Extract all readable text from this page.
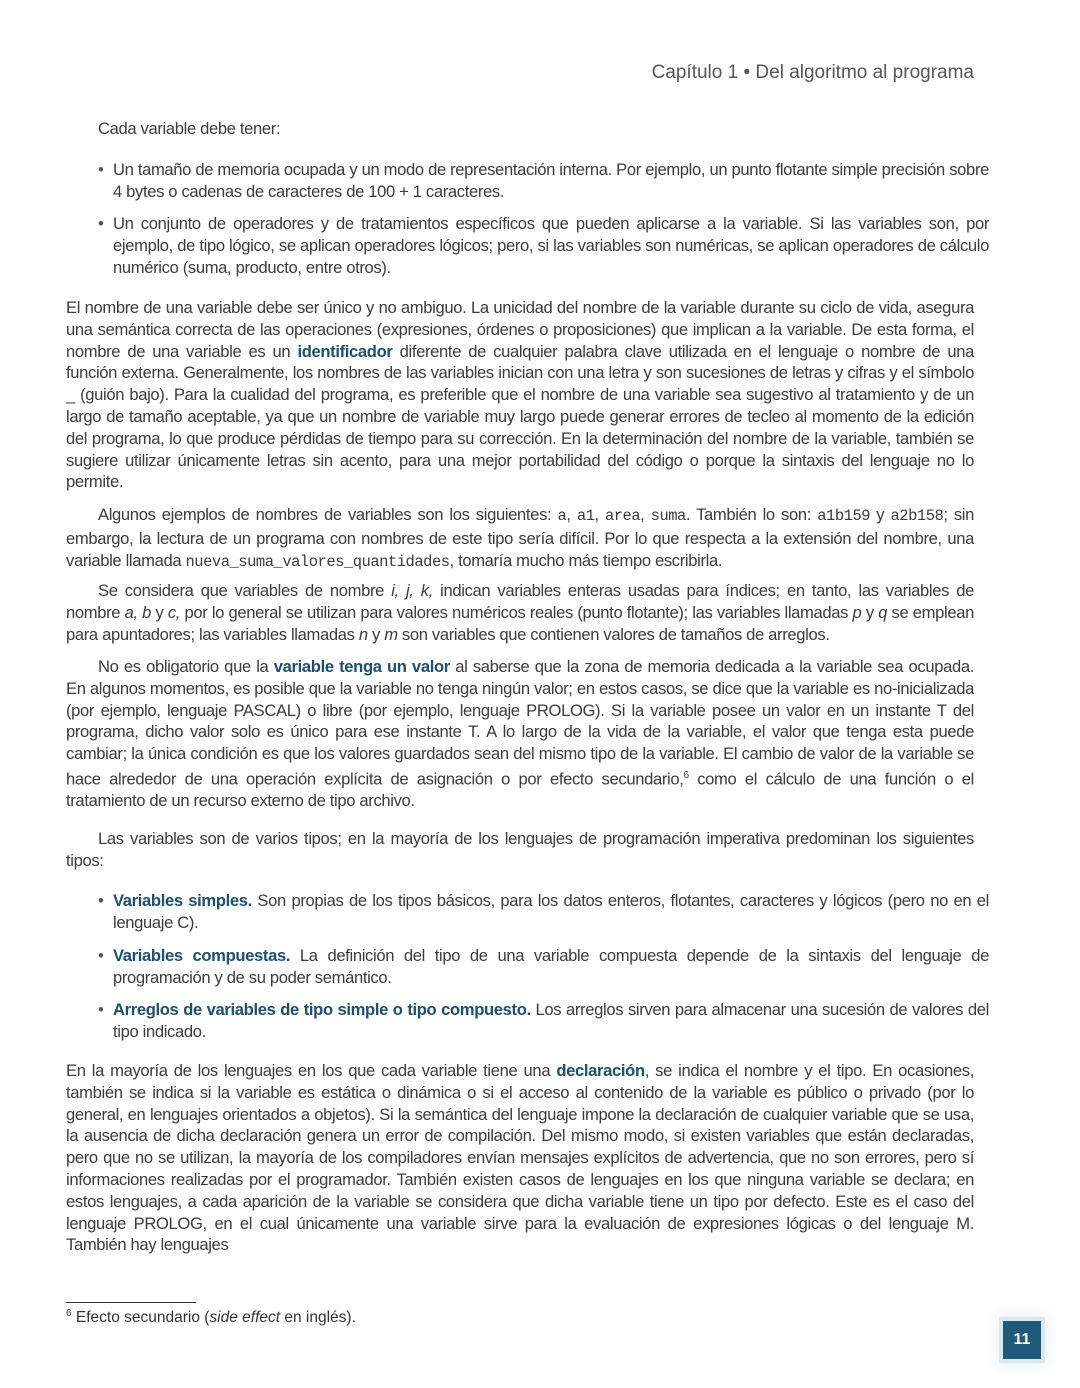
Capítulo 1 • Del algoritmo al programa
Cada variable debe tener:
• Un tamaño de memoria ocupada y un modo de representación interna. Por ejemplo, un punto flotante simple precisión sobre 4 bytes o cadenas de caracteres de 100 + 1 caracteres.
• Un conjunto de operadores y de tratamientos específicos que pueden aplicarse a la variable. Si las variables son, por ejemplo, de tipo lógico, se aplican operadores lógicos; pero, si las variables son numéricas, se aplican operadores de cálculo numérico (suma, producto, entre otros).
El nombre de una variable debe ser único y no ambiguo. La unicidad del nombre de la variable durante su ciclo de vida, asegura una semántica correcta de las operaciones (expresiones, órdenes o proposiciones) que implican a la variable. De esta forma, el nombre de una variable es un identificador diferente de cualquier palabra clave utilizada en el lenguaje o nombre de una función externa. Generalmente, los nombres de las variables inician con una letra y son sucesiones de letras y cifras y el símbolo _ (guión bajo). Para la cualidad del programa, es preferible que el nombre de una variable sea sugestivo al tratamiento y de un largo de tamaño aceptable, ya que un nombre de variable muy largo puede generar errores de tecleo al momento de la edición del programa, lo que produce pérdidas de tiempo para su corrección. En la determinación del nombre de la variable, también se sugiere utilizar únicamente letras sin acento, para una mejor portabilidad del código o porque la sintaxis del lenguaje no lo permite.
Algunos ejemplos de nombres de variables son los siguientes: a, a1, area, suma. También lo son: a1b159 y a2b158; sin embargo, la lectura de un programa con nombres de este tipo sería difícil. Por lo que respecta a la extensión del nombre, una variable llamada nueva_suma_valores_quantidades, tomaría mucho más tiempo escribirla.
Se considera que variables de nombre i, j, k, indican variables enteras usadas para índices; en tanto, las variables de nombre a, b y c, por lo general se utilizan para valores numéricos reales (punto flotante); las variables llamadas p y q se emplean para apuntadores; las variables llamadas n y m son variables que contienen valores de tamaños de arreglos.
No es obligatorio que la variable tenga un valor al saberse que la zona de memoria dedicada a la variable sea ocupada. En algunos momentos, es posible que la variable no tenga ningún valor; en estos casos, se dice que la variable es no-inicializada (por ejemplo, lenguaje PASCAL) o libre (por ejemplo, lenguaje PROLOG). Si la variable posee un valor en un instante T del programa, dicho valor solo es único para ese instante T. A lo largo de la vida de la variable, el valor que tenga esta puede cambiar; la única condición es que los valores guardados sean del mismo tipo de la variable. El cambio de valor de la variable se hace alrededor de una operación explícita de asignación o por efecto secundario,$^6$ como el cálculo de una función o el tratamiento de un recurso externo de tipo archivo.
Las variables son de varios tipos; en la mayoría de los lenguajes de programación imperativa predominan los siguientes tipos:
• Variables simples. Son propias de los tipos básicos, para los datos enteros, flotantes, caracteres y lógicos (pero no en el lenguaje C).
• Variables compuestas. La definición del tipo de una variable compuesta depende de la sintaxis del lenguaje de programación y de su poder semántico.
• Arreglos de variables de tipo simple o tipo compuesto. Los arreglos sirven para almacenar una sucesión de valores del tipo indicado.
En la mayoría de los lenguajes en los que cada variable tiene una declaración, se indica el nombre y el tipo. En ocasiones, también se indica si la variable es estática o dinámica o si el acceso al contenido de la variable es público o privado (por lo general, en lenguajes orientados a objetos). Si la semántica del lenguaje impone la declaración de cualquier variable que se usa, la ausencia de dicha declaración genera un error de compilación. Del mismo modo, si existen variables que están declaradas, pero que no se utilizan, la mayoría de los compiladores envían mensajes explícitos de advertencia, que no son errores, pero sí informaciones realizadas por el programador. También existen casos de lenguajes en los que ninguna variable se declara; en estos lenguajes, a cada aparición de la variable se considera que dicha variable tiene un tipo por defecto. Este es el caso del lenguaje PROLOG, en el cual únicamente una variable sirve para la evaluación de expresiones lógicas o del lenguaje M. También hay lenguajes
$^6$ Efecto secundario (side effect en inglés).
11
